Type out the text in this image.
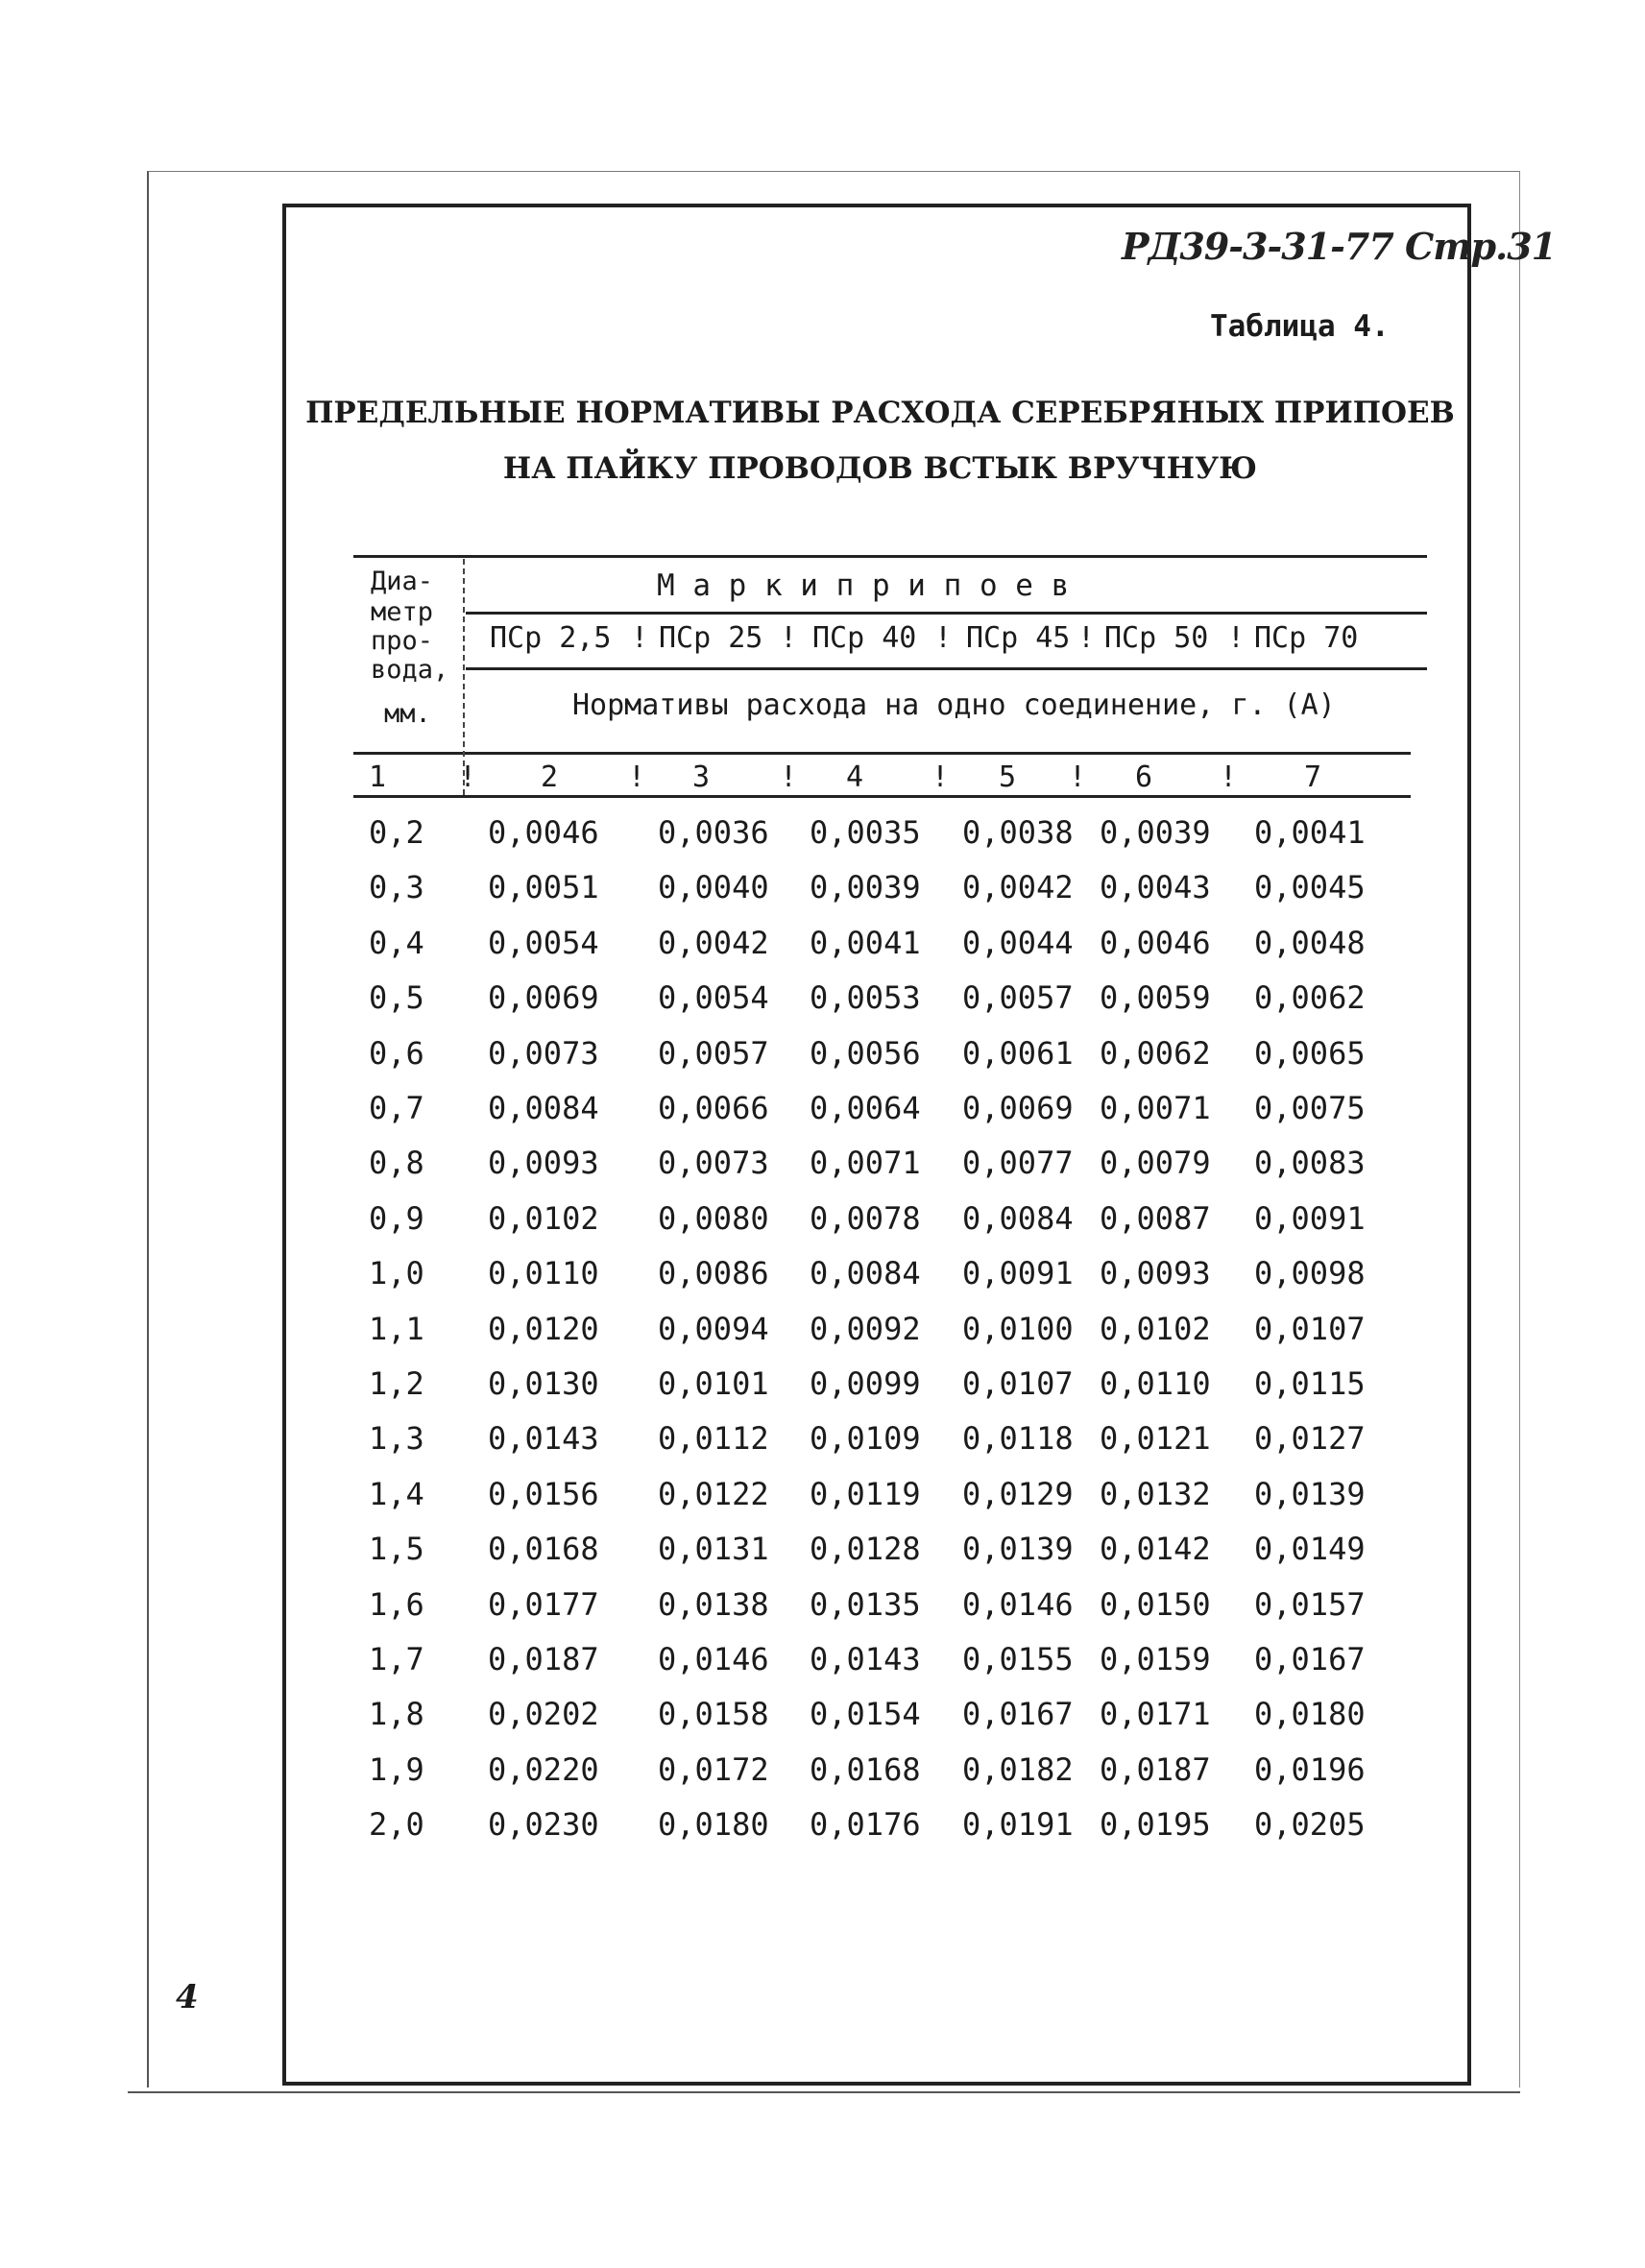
РД39-3-31-77 Стр.31
Таблица 4.
ПРЕДЕЛЬНЫЕ НОРМАТИВЫ РАСХОДА СЕРЕБРЯНЫХ ПРИПОЕВ
НА ПАЙКУ ПРОВОДОВ ВСТЫК ВРУЧНУЮ
Диа-
метр
про-
вода,
мм.
М а р к и п р и п о е в
ПСр 2,5 ПСр 25 ПСр 40 ПСр 45 ПСр 50 ПСр 70
!	!	!	!	!
Нормативы расхода на одно соединение, г. (А)
1	2	3	4	5	6	7
!	!	!	!	!	!
0,2 0,0046 0,0036 0,0035 0,0038 0,0039 0,0041
0,3 0,0051 0,0040 0,0039 0,0042 0,0043 0,0045
0,4 0,0054 0,0042 0,0041 0,0044 0,0046 0,0048
0,5 0,0069 0,0054 0,0053 0,0057 0,0059 0,0062
0,6 0,0073 0,0057 0,0056 0,0061 0,0062 0,0065
0,7 0,0084 0,0066 0,0064 0,0069 0,0071 0,0075
0,8 0,0093 0,0073 0,0071 0,0077 0,0079 0,0083
0,9 0,0102 0,0080 0,0078 0,0084 0,0087 0,0091
1,0 0,0110 0,0086 0,0084 0,0091 0,0093 0,0098
1,1 0,0120 0,0094 0,0092 0,0100 0,0102 0,0107
1,2 0,0130 0,0101 0,0099 0,0107 0,0110 0,0115
1,3 0,0143 0,0112 0,0109 0,0118 0,0121 0,0127
1,4 0,0156 0,0122 0,0119 0,0129 0,0132 0,0139
1,5 0,0168 0,0131 0,0128 0,0139 0,0142 0,0149
1,6 0,0177 0,0138 0,0135 0,0146 0,0150 0,0157
1,7 0,0187 0,0146 0,0143 0,0155 0,0159 0,0167
1,8 0,0202 0,0158 0,0154 0,0167 0,0171 0,0180
1,9 0,0220 0,0172 0,0168 0,0182 0,0187 0,0196
2,0 0,0230 0,0180 0,0176 0,0191 0,0195 0,0205
4
